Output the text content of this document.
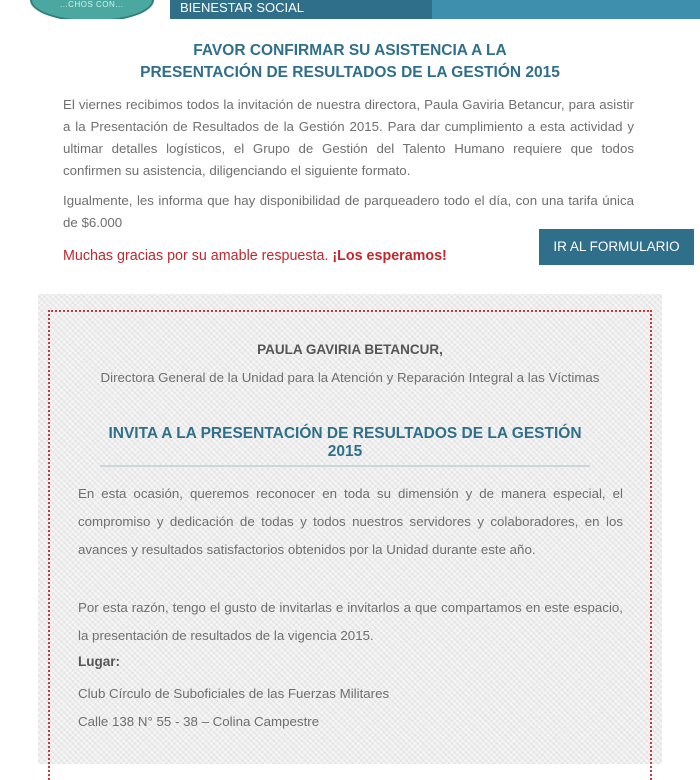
...CHOS CON...	BIENESTAR SOCIAL
FAVOR CONFIRMAR SU ASISTENCIA A LA
PRESENTACIÓN DE RESULTADOS DE LA GESTIÓN 2015
El viernes recibimos todos la invitación de nuestra directora, Paula Gaviria Betancur, para asistir a la Presentación de Resultados de la Gestión 2015. Para dar cumplimiento a esta actividad y ultimar detalles logísticos, el Grupo de Gestión del Talento Humano requiere que todos confirmen su asistencia, diligenciando el siguiente formato.
Igualmente, les informa que hay disponibilidad de parqueadero todo el día, con una tarifa única de $6.000
Muchas gracias por su amable respuesta. ¡Los esperamos!
IR AL FORMULARIO
PAULA GAVIRIA BETANCUR,
Directora General de la Unidad para la Atención y Reparación Integral a las Víctimas
INVITA A LA PRESENTACIÓN DE RESULTADOS DE LA GESTIÓN 2015
En esta ocasión, queremos reconocer en toda su dimensión y de manera especial, el compromiso y dedicación de todas y todos nuestros servidores y colaboradores, en los avances y resultados satisfactorios obtenidos por la Unidad durante este año.
Por esta razón, tengo el gusto de invitarlas e invitarlos a que compartamos en este espacio, la presentación de resultados de la vigencia 2015.
Lugar:
Club Círculo de Suboficiales de las Fuerzas Militares
Calle 138 N° 55 - 38 – Colina Campestre
